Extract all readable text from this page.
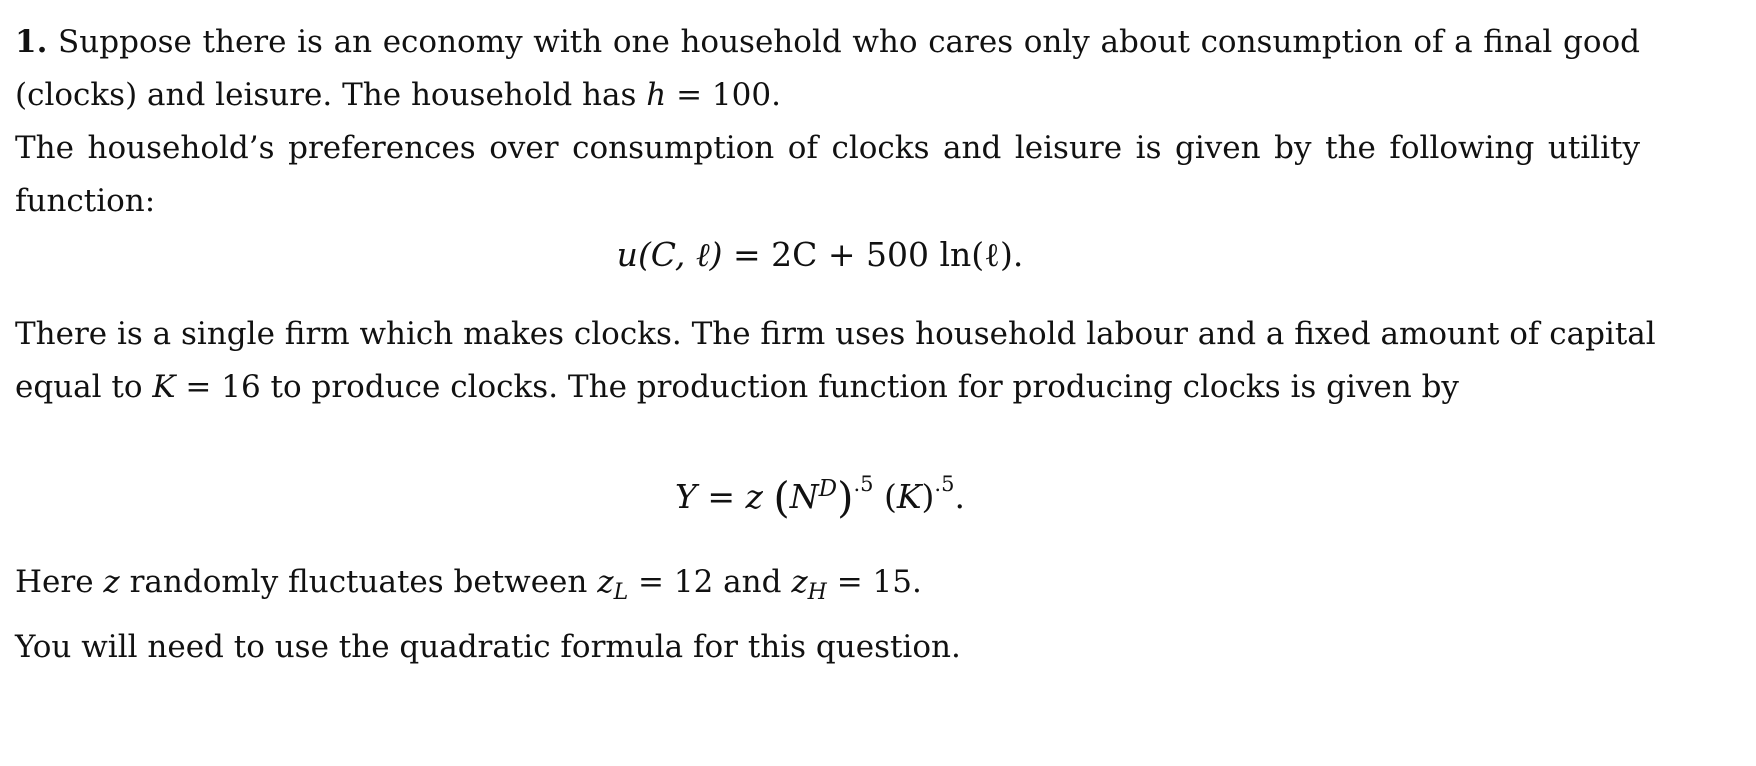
1. Suppose there is an economy with one household who cares only about consumption of a final good
(clocks) and leisure. The household has h = 100.
The household’s preferences over consumption of clocks and leisure is given by the following utility
function:
u(C, ℓ) = 2C + 500 ln(ℓ).
There is a single firm which makes clocks. The firm uses household labour and a fixed amount of capital
equal to K = 16 to produce clocks. The production function for producing clocks is given by
Y = z $(N^D)^{.5}$ $(K)^{.5}$.
Here z randomly fluctuates between $z_L = 12$ and $z_H = 15$.
You will need to use the quadratic formula for this question.
